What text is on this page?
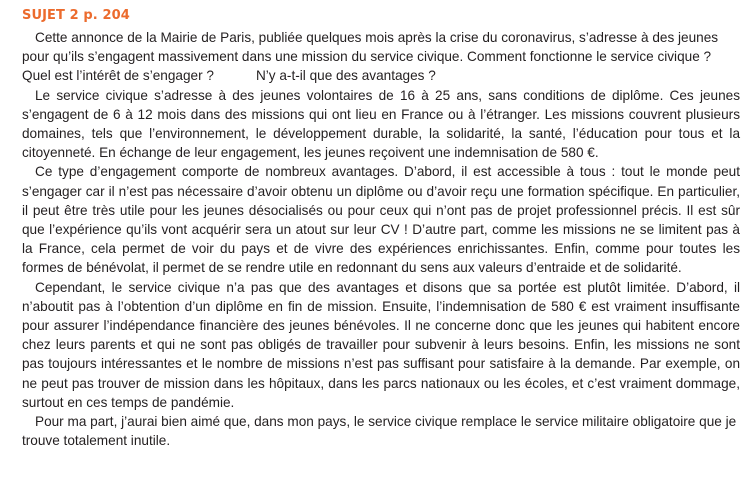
SUJET 2 p. 204

Cette annonce de la Mairie de Paris, publiée quelques mois après la crise du coronavirus, s’adresse à des jeunes pour qu’ils s’engagent massivement dans une mission du service civique. Comment fonctionne le service civique ? Quel est l’intérêt de s’engager ?	N’y a-t-il que des avantages ?

Le service civique s’adresse à des jeunes volontaires de 16 à 25 ans, sans conditions de diplôme. Ces jeunes s’engagent de 6 à 12 mois dans des missions qui ont lieu en France ou à l’étranger. Les missions couvrent plusieurs domaines, tels que l’environnement, le développement durable, la solidarité, la santé, l’éducation pour tous et la citoyenneté. En échange de leur engagement, les jeunes reçoivent une indemnisation de 580 €.

Ce type d’engagement comporte de nombreux avantages. D’abord, il est accessible à tous : tout le monde peut s’engager car il n’est pas nécessaire d’avoir obtenu un diplôme ou d’avoir reçu une formation spécifique. En particulier, il peut être très utile pour les jeunes désocialisés ou pour ceux qui n’ont pas de projet professionnel précis. Il est sûr que l’expérience qu’ils vont acquérir sera un atout sur leur CV ! D’autre part, comme les missions ne se limitent pas à la France, cela permet de voir du pays et de vivre des expériences enrichissantes. Enfin, comme pour toutes les formes de bénévolat, il permet de se rendre utile en redonnant du sens aux valeurs d’entraide et de solidarité.

Cependant, le service civique n’a pas que des avantages et disons que sa portée est plutôt limitée. D’abord, il n’aboutit pas à l’obtention d’un diplôme en fin de mission. Ensuite, l’indemnisation de 580 € est vraiment insuffisante pour assurer l’indépendance financière des jeunes bénévoles. Il ne concerne donc que les jeunes qui habitent encore chez leurs parents et qui ne sont pas obligés de travailler pour subvenir à leurs besoins. Enfin, les missions ne sont pas toujours intéressantes et le nombre de missions n’est pas suffisant pour satisfaire à la demande. Par exemple, on ne peut pas trouver de mission dans les hôpitaux, dans les parcs nationaux ou les écoles, et c’est vraiment dommage, surtout en ces temps de pandémie.

Pour ma part, j’aurai bien aimé que, dans mon pays, le service civique remplace le service militaire obligatoire que je trouve totalement inutile.
